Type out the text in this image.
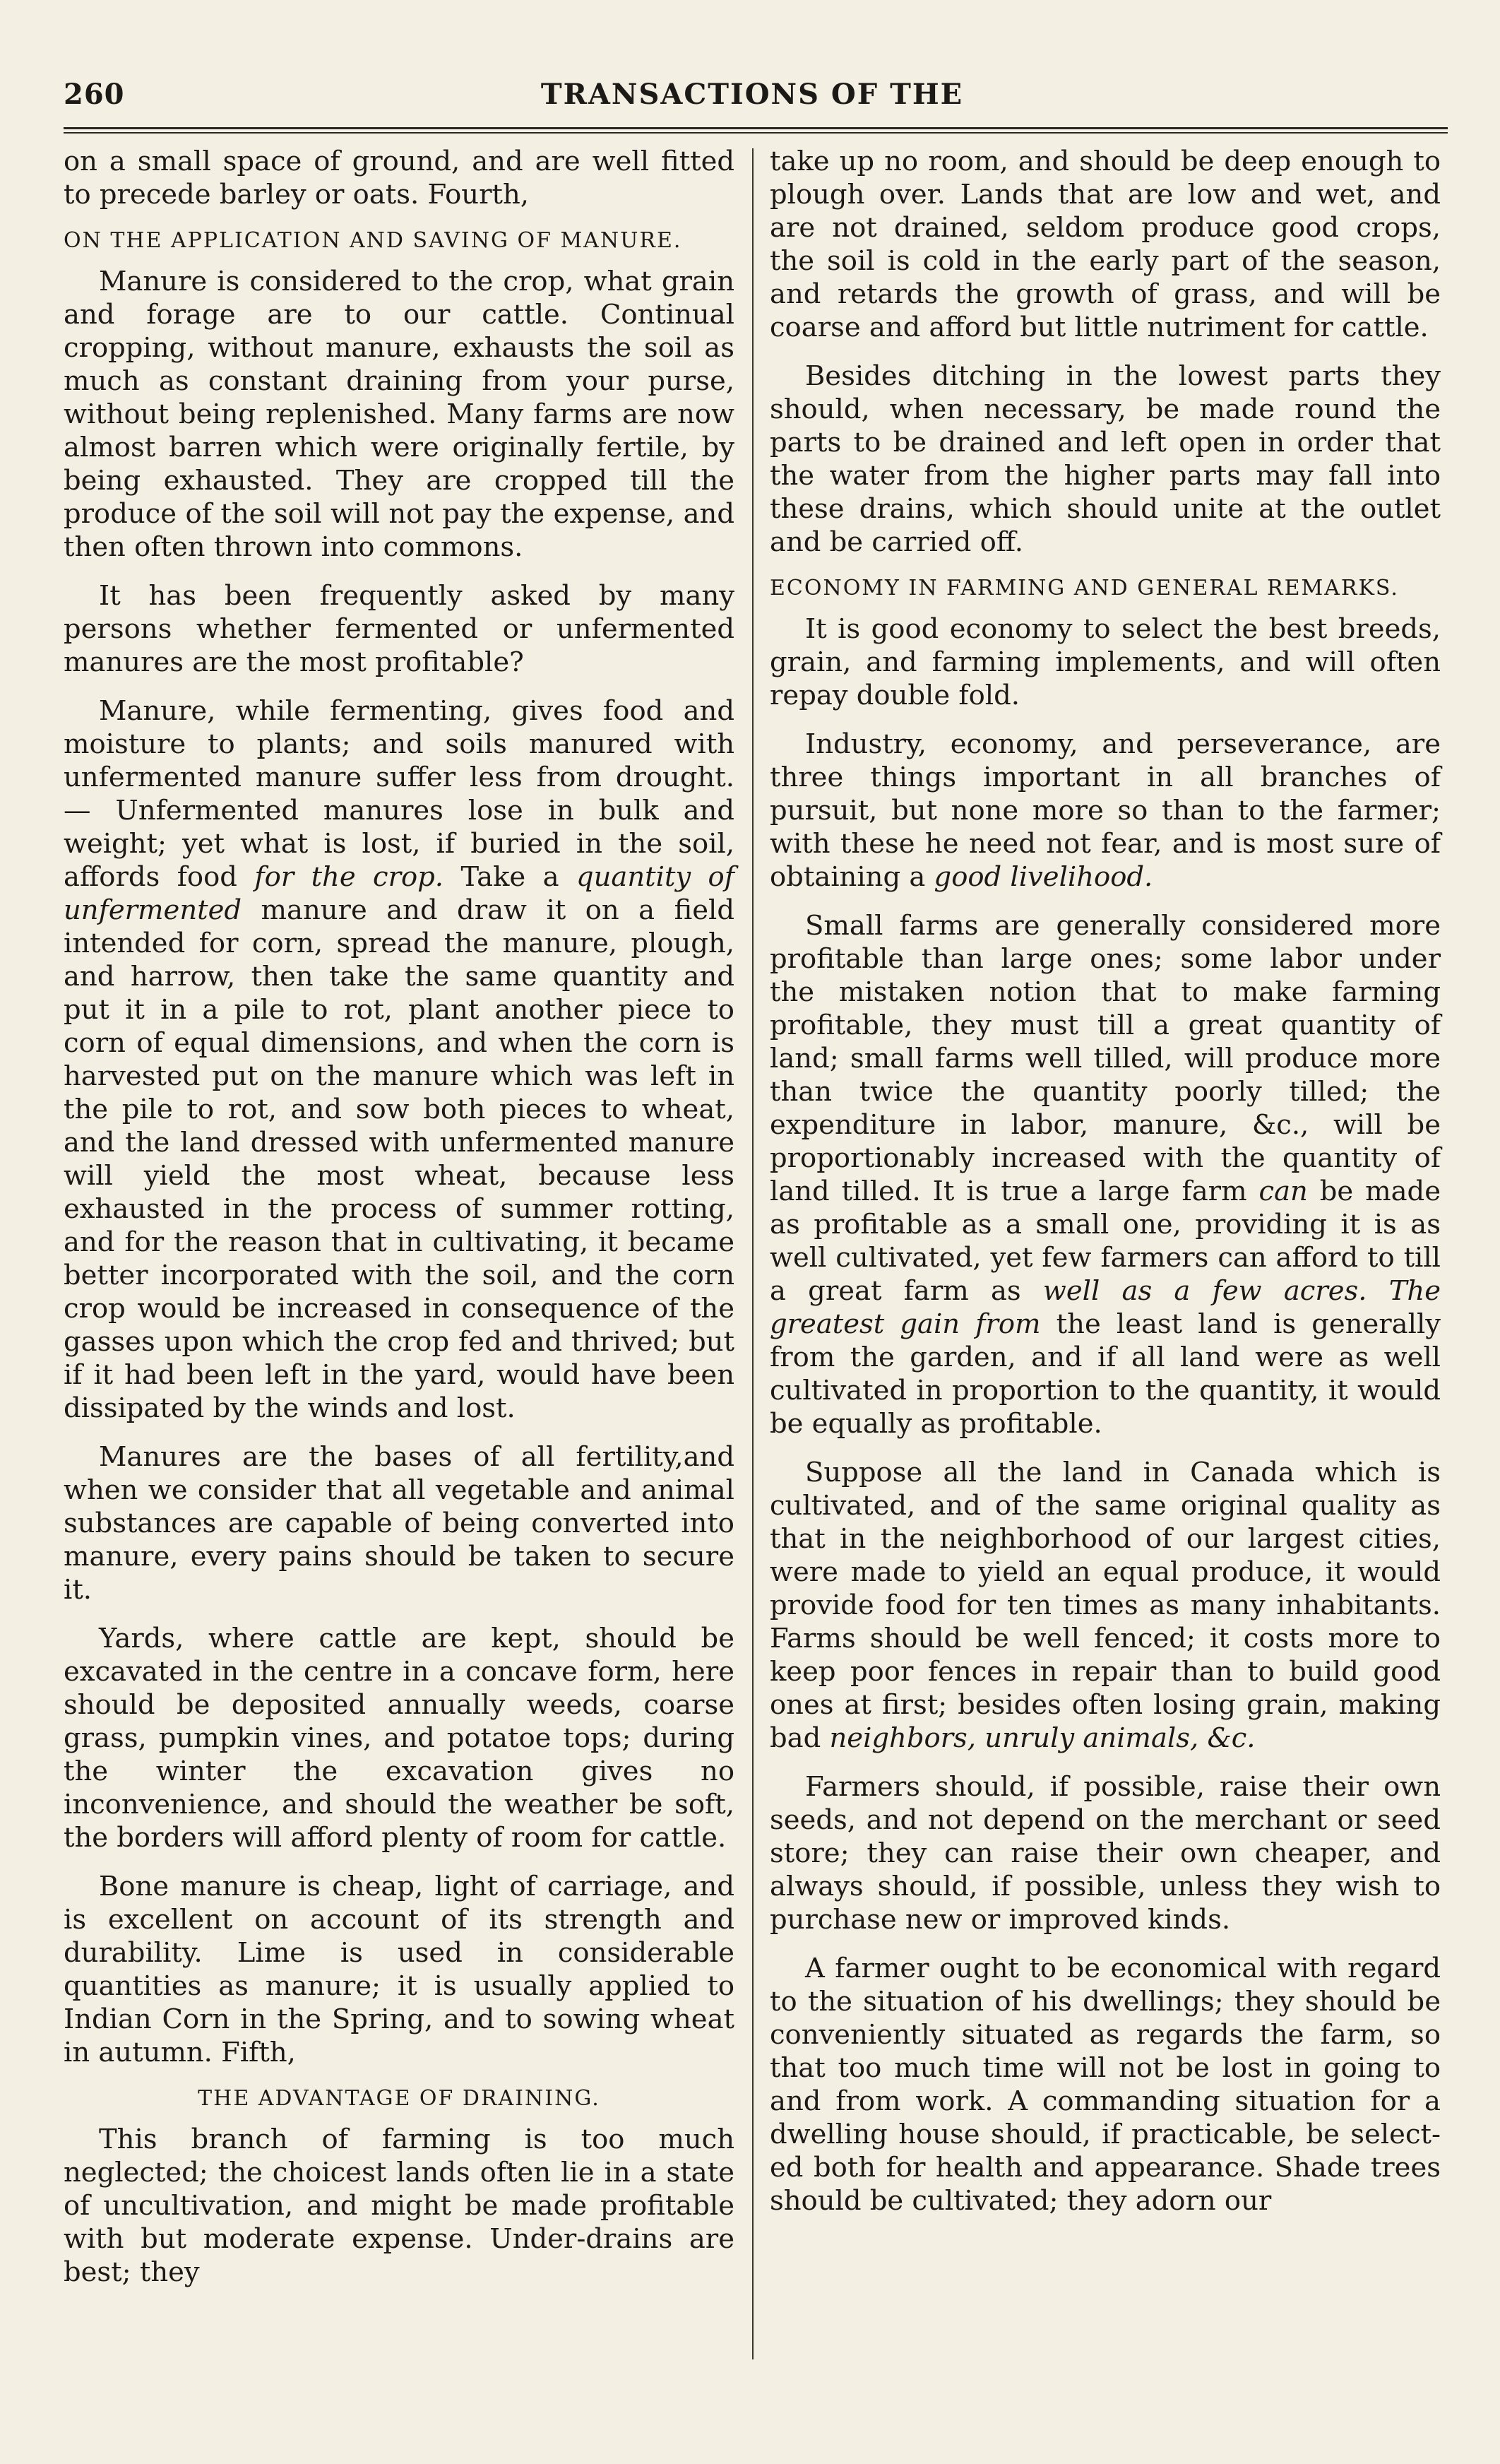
260	TRANSACTIONS OF THE

on a small space of ground, and are well fitted to precede barley or oats. Fourth,

ON THE APPLICATION AND SAVING OF MANURE.

Manure is considered to the crop, what grain and forage are to our cattle. Continual cropping, without manure, exhausts the soil as much as constant draining from your purse, without being replenished. Many farms are now almost barren which were originally fertile, by being exhausted. They are cropped till the produce of the soil will not pay the expense, and then often thrown into commons.

It has been frequently asked by many persons whether fermented or unfermented manures are the most profitable?

Manure, while fermenting, gives food and moisture to plants; and soils manured with unfermented manure suffer less from drought.— Unfermented manures lose in bulk and weight; yet what is lost, if buried in the soil, affords food for the crop. Take a quantity of unfermented manure and draw it on a field intended for corn, spread the manure, plough, and harrow, then take the same quantity and put it in a pile to rot, plant another piece to corn of equal dimensions, and when the corn is harvested put on the manure which was left in the pile to rot, and sow both pieces to wheat, and the land dressed with unfermented manure will yield the most wheat, because less exhausted in the process of summer rotting, and for the reason that in cultivating, it became better incorporated with the soil, and the corn crop would be increased in consequence of the gasses upon which the crop fed and thrived; but if it had been left in the yard, would have been dissipated by the winds and lost.

Manures are the bases of all fertility,and when we consider that all vegetable and animal substances are capable of being converted into manure, every pains should be taken to secure it.

Yards, where cattle are kept, should be excavated in the centre in a concave form, here should be deposited annually weeds, coarse grass, pumpkin vines, and potatoe tops; during the winter the excavation gives no inconvenience, and should the weather be soft, the borders will afford plenty of room for cattle.

Bone manure is cheap, light of carriage, and is excellent on account of its strength and durability. Lime is used in considerable quantities as manure; it is usually applied to Indian Corn in the Spring, and to sowing wheat in autumn. Fifth,

THE ADVANTAGE OF DRAINING.

This branch of farming is too much neglected; the choicest lands often lie in a state of uncultivation, and might be made profitable with but moderate expense. Under-drains are best; they

take up no room, and should be deep enough to plough over. Lands that are low and wet, and are not drained, seldom produce good crops, the soil is cold in the early part of the season, and retards the growth of grass, and will be coarse and afford but little nutriment for cattle.

Besides ditching in the lowest parts they should, when necessary, be made round the parts to be drained and left open in order that the water from the higher parts may fall into these drains, which should unite at the outlet and be carried off.

ECONOMY IN FARMING AND GENERAL REMARKS.

It is good economy to select the best breeds, grain, and farming implements, and will often repay double fold.

Industry, economy, and perseverance, are three things important in all branches of pursuit, but none more so than to the farmer; with these he need not fear, and is most sure of obtaining a good livelihood.

Small farms are generally considered more profitable than large ones; some labor under the mistaken notion that to make farming profitable, they must till a great quantity of land; small farms well tilled, will produce more than twice the quantity poorly tilled; the expenditure in labor, manure, &c., will be proportionably increased with the quantity of land tilled. It is true a large farm can be made as profitable as a small one, providing it is as well cultivated, yet few farmers can afford to till a great farm as well as a few acres. The greatest gain from the least land is generally from the garden, and if all land were as well cultivated in proportion to the quantity, it would be equally as profitable.

Suppose all the land in Canada which is cultivated, and of the same original quality as that in the neighborhood of our largest cities, were made to yield an equal produce, it would provide food for ten times as many inhabitants. Farms should be well fenced; it costs more to keep poor fences in repair than to build good ones at first; besides often losing grain, making bad neighbors, unruly animals, &c.

Farmers should, if possible, raise their own seeds, and not depend on the merchant or seed store; they can raise their own cheaper, and always should, if possible, unless they wish to purchase new or improved kinds.

A farmer ought to be economical with regard to the situation of his dwellings; they should be conveniently situated as regards the farm, so that too much time will not be lost in going to and from work. A commanding situation for a dwelling house should, if practicable, be selected both for health and appearance. Shade trees should be cultivated; they adorn our
